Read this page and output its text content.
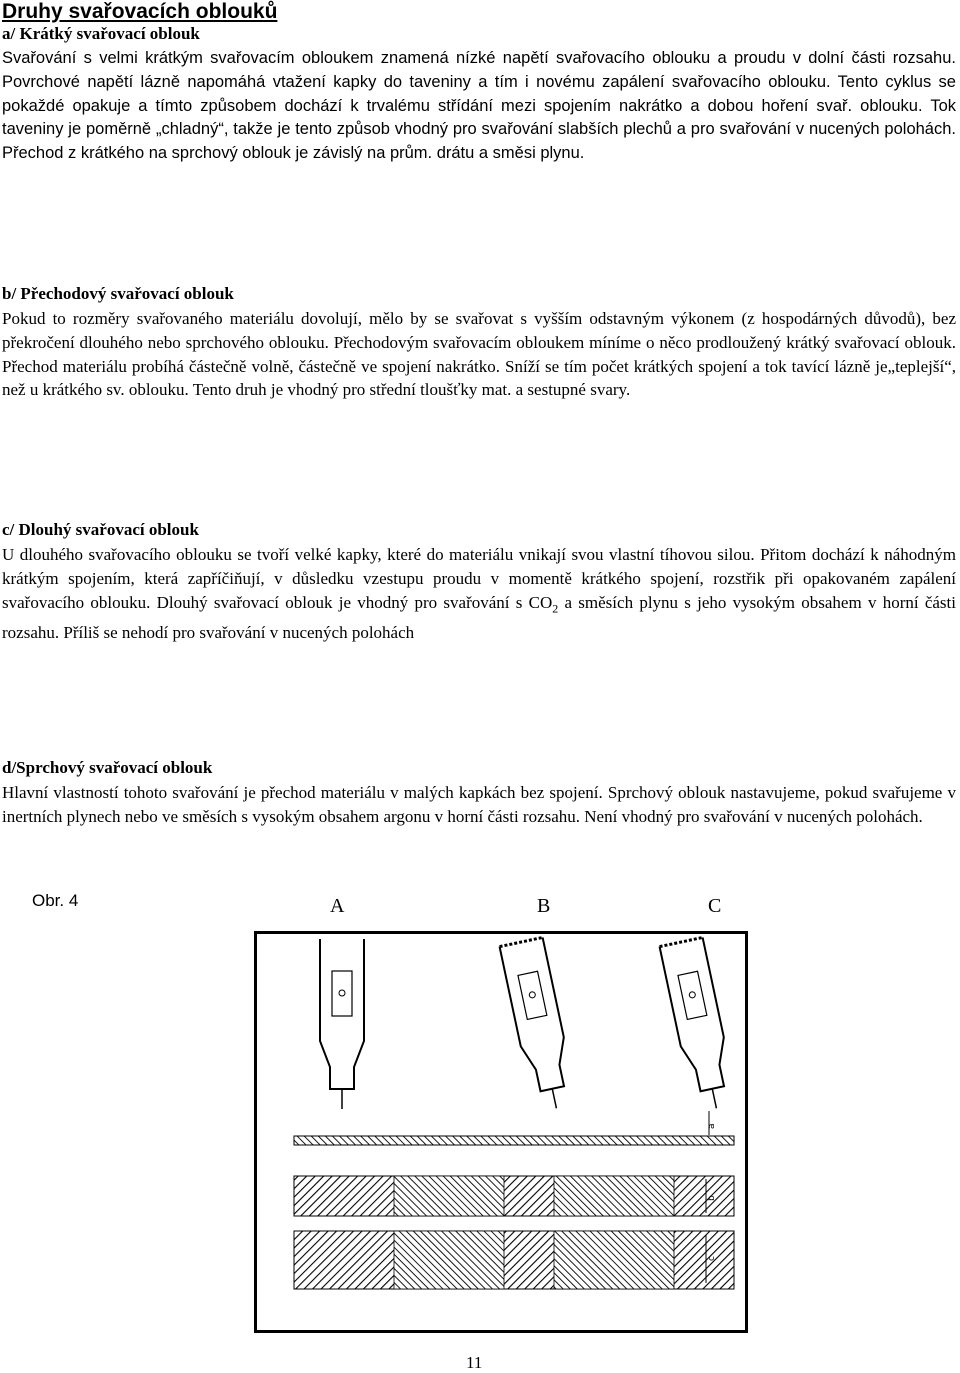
Druhy svařovacích oblouků
a/ Krátký svařovací oblouk

Svařování s velmi krátkým svařovacím obloukem znamená nízké napětí svařovacího oblouku a proudu v dolní části rozsahu. Povrchové napětí lázně napomáhá vtažení kapky do taveniny a tím i novému zapálení svařovacího oblouku. Tento cyklus se pokaždé opakuje a tímto způsobem dochází k trvalému střídání mezi spojením nakrátko a dobou hoření svař. oblouku. Tok taveniny je poměrně „chladný“, takže je tento způsob vhodný pro svařování slabších plechů a pro svařování v nucených polohách. Přechod z krátkého na sprchový oblouk je závislý na prům. drátu a směsi plynu.

b/ Přechodový svařovací oblouk

Pokud to rozměry svařovaného materiálu dovolují, mělo by se svařovat s vyšším odstavným výkonem (z hospodárných důvodů), bez překročení dlouhého nebo sprchového oblouku. Přechodovým svařovacím obloukem míníme o něco prodloužený krátký svařovací oblouk. Přechod materiálu probíhá částečně volně, částečně ve spojení nakrátko. Sníží se tím počet krátkých spojení a tok tavící lázně je„teplejší“, než u krátkého sv. oblouku. Tento druh je vhodný pro střední tloušťky mat. a sestupné svary.

c/ Dlouhý svařovací oblouk

U dlouhého svařovacího oblouku se tvoří velké kapky, které do materiálu vnikají svou vlastní tíhovou silou. Přitom dochází k náhodným krátkým spojením, která zapříčiňují, v důsledku vzestupu proudu v momentě krátkého spojení, rozstřik při opakovaném zapálení svařovacího oblouku. Dlouhý svařovací oblouk je vhodný pro svařování s $CO_2$ a směsích plynu s jeho vysokým obsahem v horní části rozsahu. Příliš se nehodí pro svařování v nucených polohách

d/Sprchový svařovací oblouk

Hlavní vlastností tohoto svařování je přechod materiálu v malých kapkách bez spojení. Sprchový oblouk nastavujeme, pokud svařujeme v inertních plynech nebo ve směsích s vysokým obsahem argonu v horní části rozsahu. Není vhodný pro svařování v nucených polohách.

Obr. 4	A	B	C
a
b
c
11
